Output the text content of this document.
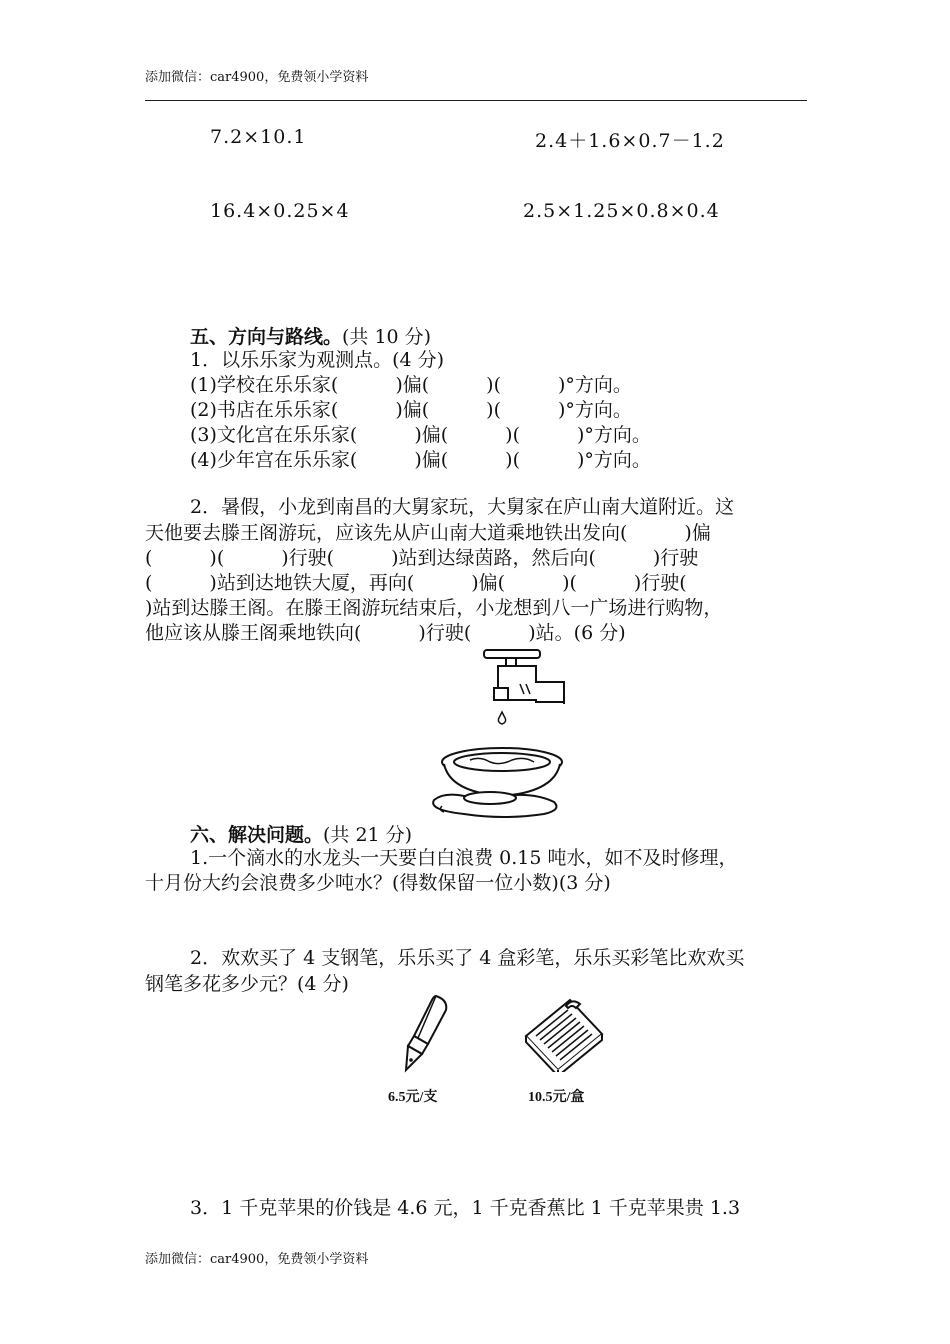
添加微信：car4900，免费领小学资料
7.2×10.1	2.4＋1.6×0.7－1.2
16.4×0.25×4	2.5×1.25×0.8×0.4
五、方向与路线。(共 10 分)
1．以乐乐家为观测点。(4 分)
(1)学校在乐乐家(　　　)偏(　　　)(　　　)°方向。
(2)书店在乐乐家(　　　)偏(　　　)(　　　)°方向。
(3)文化宫在乐乐家(　　　)偏(　　　)(　　　)°方向。
(4)少年宫在乐乐家(　　　)偏(　　　)(　　　)°方向。
2．暑假，小龙到南昌的大舅家玩，大舅家在庐山南大道附近。这
天他要去滕王阁游玩，应该先从庐山南大道乘地铁出发向(　　　)偏
(　　　)(　　　)行驶(　　　)站到达绿茵路，然后向(　　　)行驶
(　　　)站到达地铁大厦，再向(　　　)偏(　　　)(　　　)行驶(
)站到达滕王阁。在滕王阁游玩结束后，小龙想到八一广场进行购物，
他应该从滕王阁乘地铁向(　　　)行驶(　　　)站。(6 分)
六、解决问题。(共 21 分)
1.一个滴水的水龙头一天要白白浪费 0.15 吨水，如不及时修理，
十月份大约会浪费多少吨水？(得数保留一位小数)(3 分)
2．欢欢买了 4 支钢笔，乐乐买了 4 盒彩笔，乐乐买彩笔比欢欢买
钢笔多花多少元？(4 分)
6.5元/支	10.5元/盒
3．1 千克苹果的价钱是 4.6 元，1 千克香蕉比 1 千克苹果贵 1.3
添加微信：car4900，免费领小学资料
